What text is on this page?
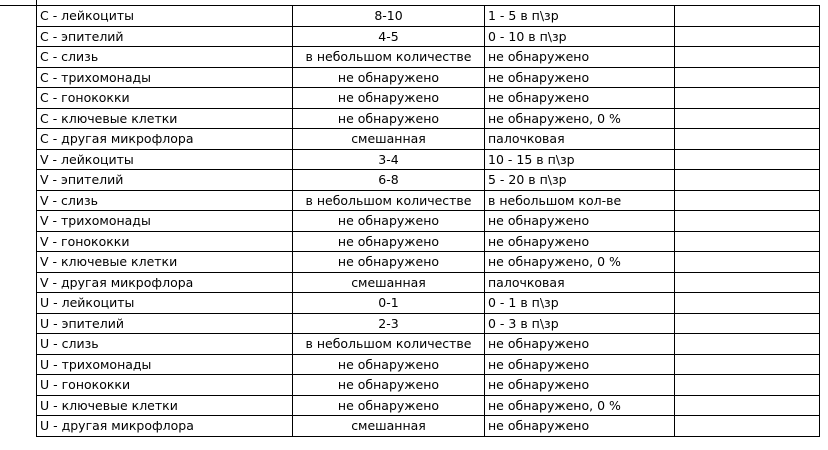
C - лейкоциты	8-10	1 - 5 в п\зр	
C - эпителий	4-5	0 - 10 в п\зр	
C - слизь	в небольшом количестве	не обнаружено	
C - трихомонады	не обнаружено	не обнаружено	
C - гонококки	не обнаружено	не обнаружено	
C - ключевые клетки	не обнаружено	не обнаружено, 0 %	
C - другая микрофлора	смешанная	палочковая	
V - лейкоциты	3-4	10 - 15 в п\зр	
V - эпителий	6-8	5 - 20 в п\зр	
V - слизь	в небольшом количестве	в небольшом кол-ве	
V - трихомонады	не обнаружено	не обнаружено	
V - гонококки	не обнаружено	не обнаружено	
V - ключевые клетки	не обнаружено	не обнаружено, 0 %	
V - другая микрофлора	смешанная	палочковая	
U - лейкоциты	0-1	0 - 1 в п\зр	
U - эпителий	2-3	0 - 3 в п\зр	
U - слизь	в небольшом количестве	не обнаружено	
U - трихомонады	не обнаружено	не обнаружено	
U - гонококки	не обнаружено	не обнаружено	
U - ключевые клетки	не обнаружено	не обнаружено, 0 %	
U - другая микрофлора	смешанная	не обнаружено	
